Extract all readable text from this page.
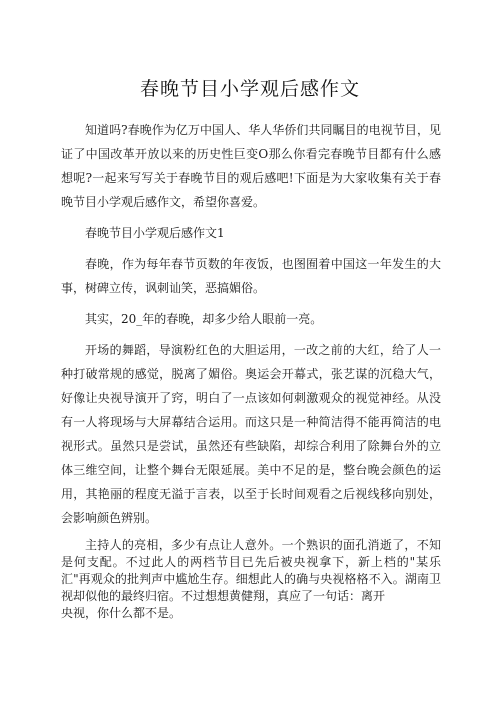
春晚节目小学观后感作文

知道吗?春晚作为亿万中国人、华人华侨们共同瞩目的电视节目，见证了中国改革开放以来的历史性巨变O那么你看完春晚节目都有什么感想呢?一起来写写关于春晚节目的观后感吧!下面是为大家收集有关于春晚节目小学观后感作文，希望你喜爱。

春晚节目小学观后感作文1

春晚，作为每年春节页数的年夜饭，也图囿着中国这一年发生的大事，树碑立传，讽刺讪笑，恶搞媚俗。

其实，20_年的春晚，却多少给人眼前一亮。

开场的舞蹈，导演粉红色的大胆运用，一改之前的大红，给了人一种打破常规的感觉，脱离了媚俗。奥运会开幕式，张艺谋的沉稳大气，好像让央视导演开了窍，明白了一点该如何刺激观众的视觉神经。从没有一人将现场与大屏幕结合运用。而这只是一种简洁得不能再简洁的电视形式。虽然只是尝试，虽然还有些缺陷，却综合利用了除舞台外的立体三维空间，让整个舞台无限延展。美中不足的是，整台晚会颜色的运用，其艳丽的程度无溢于言表，以至于长时间观看之后视线移向别处，会影响颜色辨别。

主持人的亮相，多少有点让人意外。一个熟识的面孔消逝了，不知是何支配。不过此人的两档节目已先后被央视拿下，新上档的"某乐汇"再观众的批判声中尴尬生存。细想此人的确与央视格格不入。湖南卫视却似他的最终归宿。不过想想黄健翔，真应了一句话：离开

央视，你什么都不是。
